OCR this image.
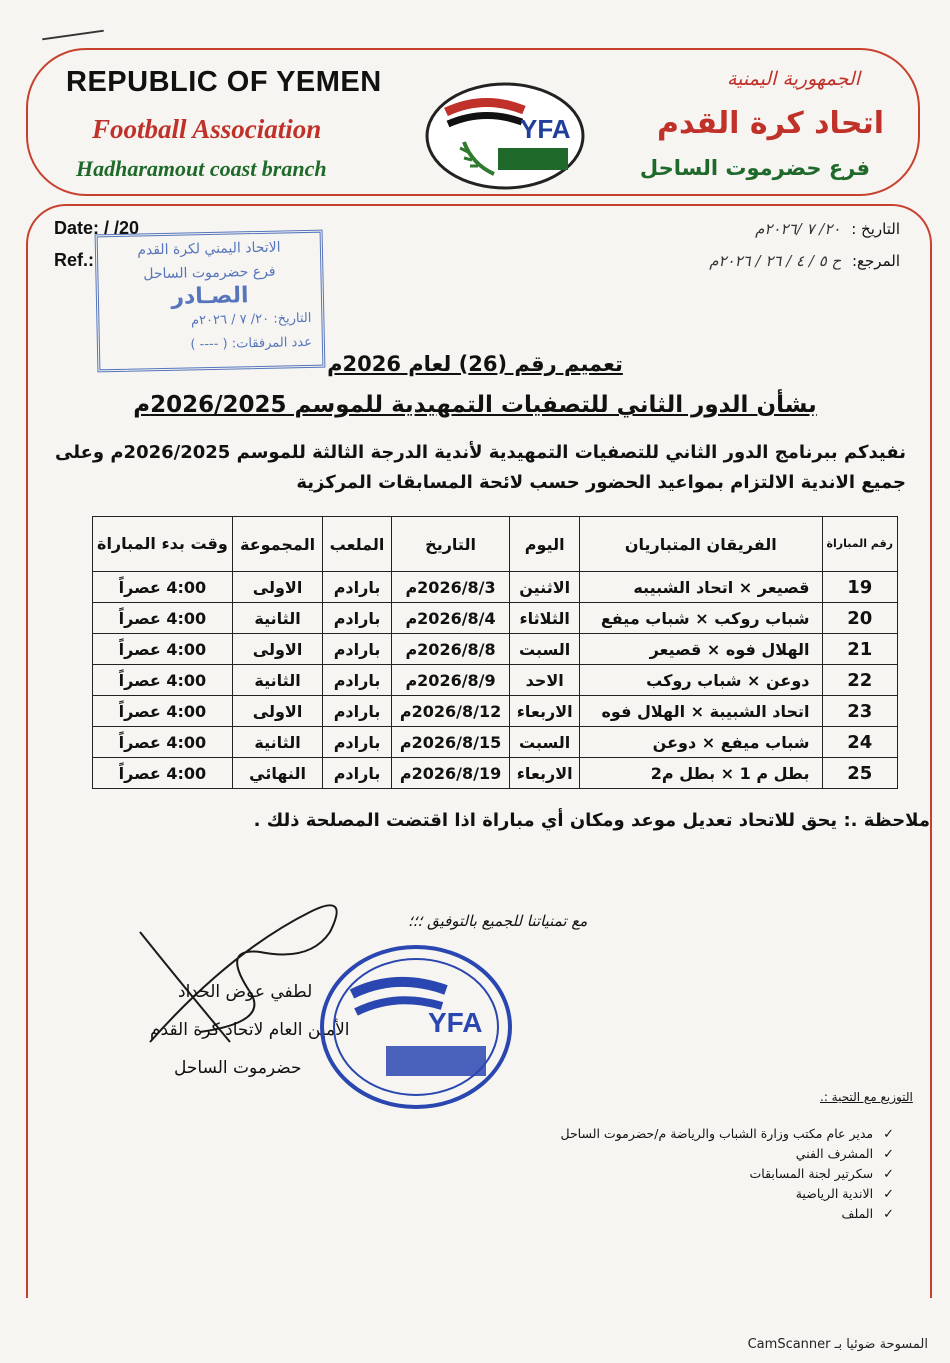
REPUBLIC OF YEMEN
Football Association
Hadharamout coast branch
YFA
الجمهورية اليمنية
اتحاد كرة القدم
فرع حضرموت الساحل
Date: / /20
Ref.:
التاريخ : ٢٠/ ٧ /٢٠٢٦م
المرجع: ح ٥ / ٤ / ٢٦ / ٢٠٢٦م
الاتحاد اليمني لكرة القدم
فرع حضرموت الساحل
الصـادر
التاريخ: ٢٠/ ٧ / ٢٠٢٦م
عدد المرفقات: ( ---- )
تعميم رقم (26) لعام 2026م
بشأن الدور الثاني للتصفيات التمهيدية للموسم 2026/2025م
نفيدكم ببرنامج الدور الثاني للتصفيات التمهيدية لأندية الدرجة الثالثة للموسم 2026/2025م وعلى جميع الاندية الالتزام بمواعيد الحضور حسب لائحة المسابقات المركزية
رقم المباراة	الفريقان المتباريان	اليوم	التاريخ	الملعب	المجموعة	وقت بدء المباراة
19	قصيعر × اتحاد الشبيبه	الاثنين	2026/8/3م	بارادم	الاولى	4:00 عصراً
20	شباب روكب × شباب ميفع	الثلاثاء	2026/8/4م	بارادم	الثانية	4:00 عصراً
21	الهلال فوه × قصيعر	السبت	2026/8/8م	بارادم	الاولى	4:00 عصراً
22	دوعن × شباب روكب	الاحد	2026/8/9م	بارادم	الثانية	4:00 عصراً
23	اتحاد الشبيبة × الهلال فوه	الاربعاء	2026/8/12م	بارادم	الاولى	4:00 عصراً
24	شباب ميفع × دوعن	السبت	2026/8/15م	بارادم	الثانية	4:00 عصراً
25	بطل م 1 × بطل م2	الاربعاء	2026/8/19م	بارادم	النهائي	4:00 عصراً
ملاحظة .: يحق للاتحاد تعديل موعد ومكان أي مباراة اذا اقتضت المصلحة ذلك .
مع تمنياتنا للجميع بالتوفيق ؛؛؛
لطفي عوض الحداد
الأمين العام لاتحاد كرة القدم
حضرموت الساحل
YFA
التوزيع مع التحية :.
✓ مدير عام مكتب وزارة الشباب والرياضة م/حضرموت الساحل
✓ المشرف الفني
✓ سكرتير لجنة المسابقات
✓ الاندية الرياضية
✓ الملف
CamScanner المسوحة ضوئيا بـ
